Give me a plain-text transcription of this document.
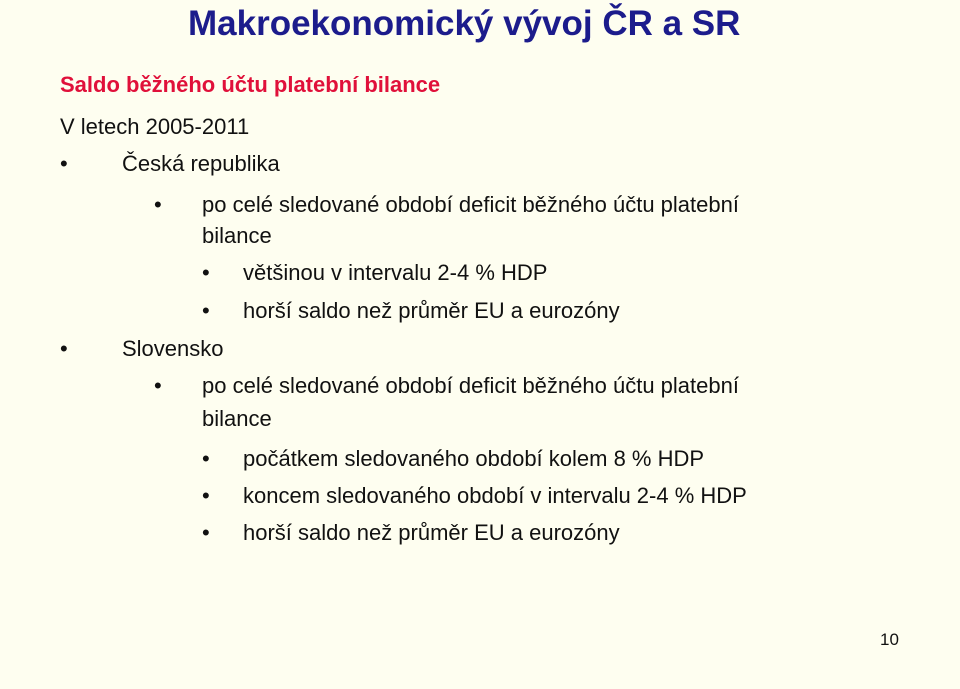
Makroekonomický vývoj ČR a SR
Saldo běžného účtu platební bilance
V letech 2005-2011
• Česká republika
• po celé sledované období deficit běžného účtu platební
bilance
• většinou v intervalu 2-4 % HDP
• horší saldo než průměr EU a eurozóny
• Slovensko
• po celé sledované období deficit běžného účtu platební
bilance
• počátkem sledovaného období kolem 8 % HDP
• koncem sledovaného období v intervalu 2-4 % HDP
• horší saldo než průměr EU a eurozóny
10
